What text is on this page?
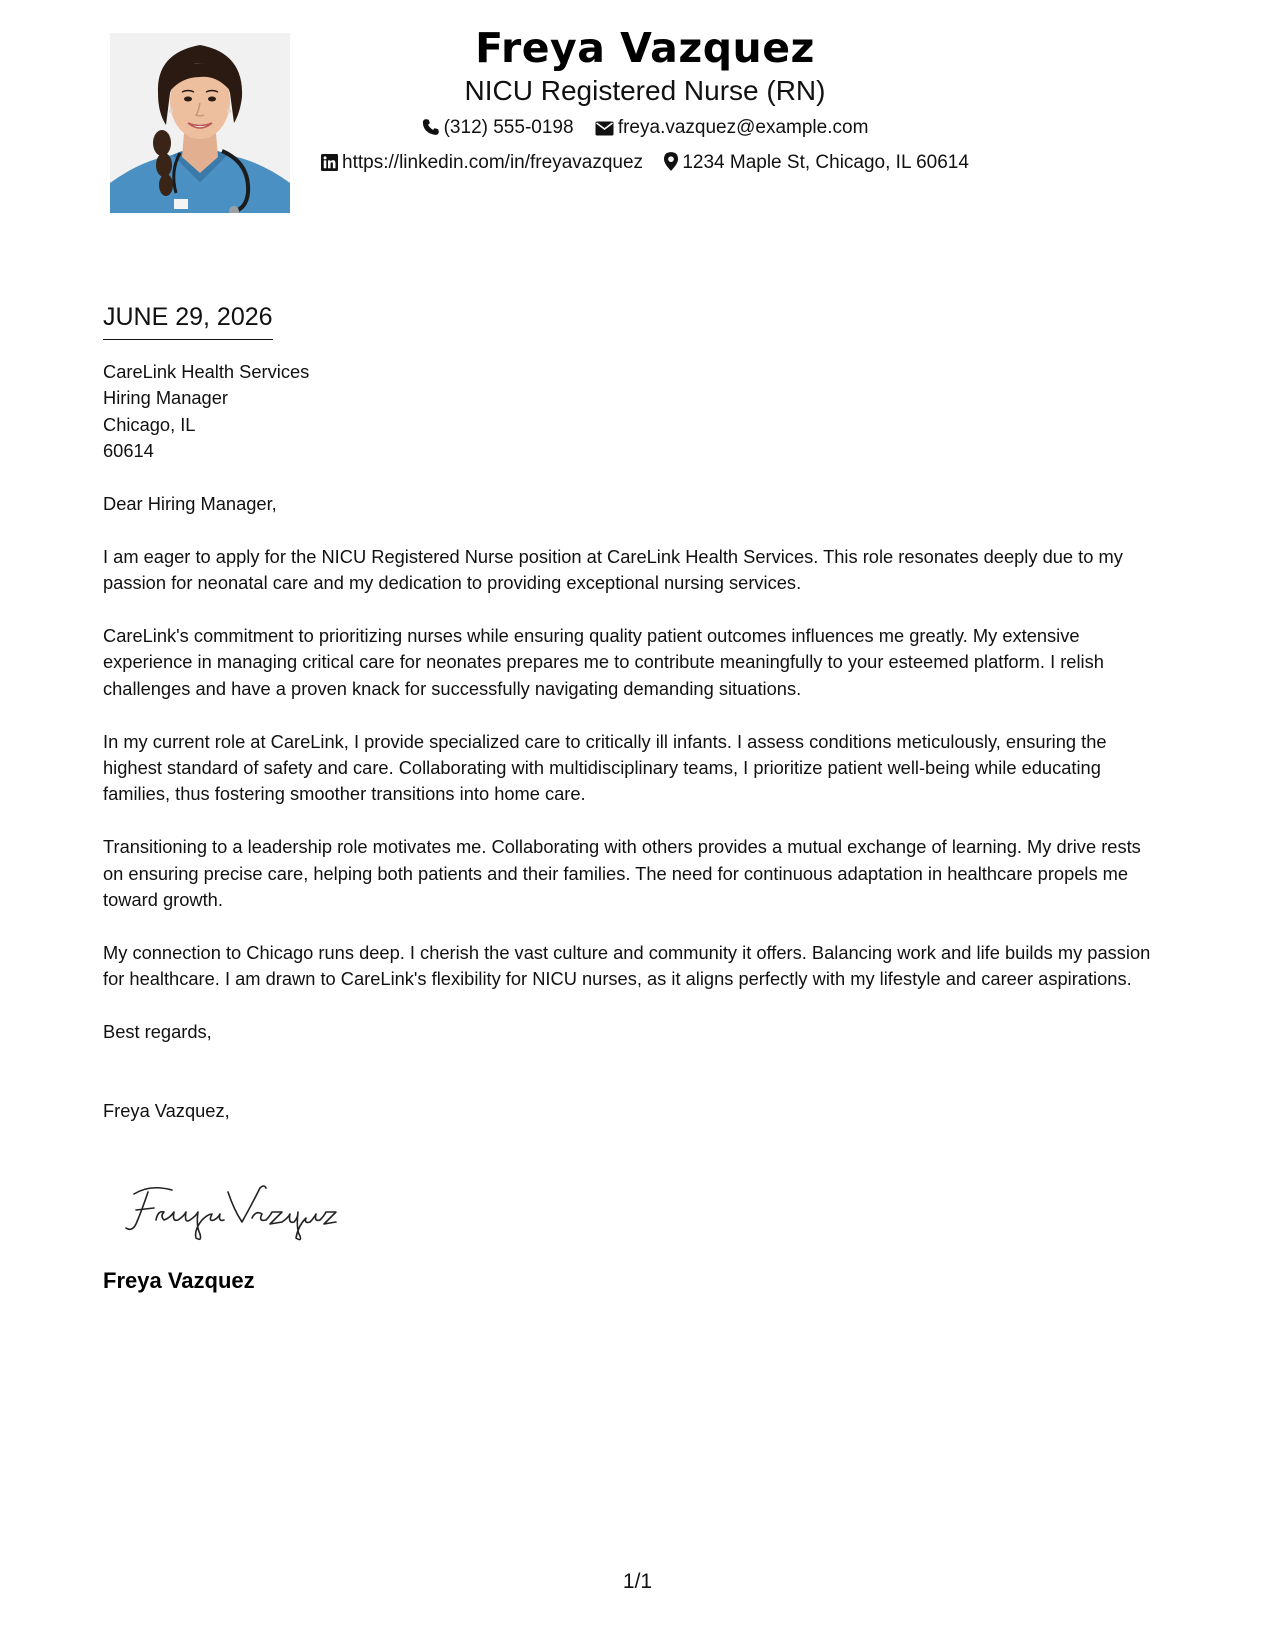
Freya Vazquez
NICU Registered Nurse (RN)
(312) 555-0198 freya.vazquez@example.com
https://linkedin.com/in/freyavazquez 1234 Maple St, Chicago, IL 60614
JUNE 29, 2026
CareLink Health Services
Hiring Manager
Chicago, IL
60614

Dear Hiring Manager,

I am eager to apply for the NICU Registered Nurse position at CareLink Health Services. This role resonates deeply due to my passion for neonatal care and my dedication to providing exceptional nursing services.

CareLink's commitment to prioritizing nurses while ensuring quality patient outcomes influences me greatly. My extensive experience in managing critical care for neonates prepares me to contribute meaningfully to your esteemed platform. I relish challenges and have a proven knack for successfully navigating demanding situations.

In my current role at CareLink, I provide specialized care to critically ill infants. I assess conditions meticulously, ensuring the highest standard of safety and care. Collaborating with multidisciplinary teams, I prioritize patient well-being while educating families, thus fostering smoother transitions into home care.

Transitioning to a leadership role motivates me. Collaborating with others provides a mutual exchange of learning. My drive rests on ensuring precise care, helping both patients and their families. The need for continuous adaptation in healthcare propels me toward growth.

My connection to Chicago runs deep. I cherish the vast culture and community it offers. Balancing work and life builds my passion for healthcare. I am drawn to CareLink's flexibility for NICU nurses, as it aligns perfectly with my lifestyle and career aspirations.

Best regards,

Freya Vazquez,

Freya Vazquez
1/1
